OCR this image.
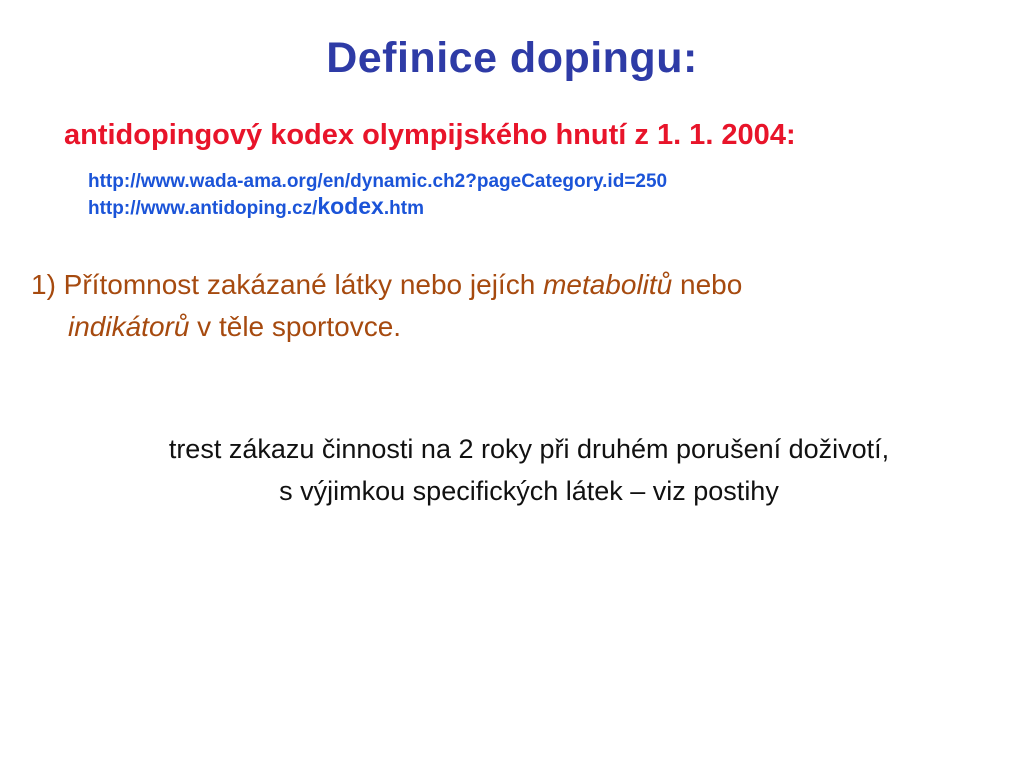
Definice dopingu:
antidopingový kodex olympijského hnutí z 1. 1. 2004:
http://www.wada-ama.org/en/dynamic.ch2?pageCategory.id=250
http://www.antidoping.cz/kodex.htm
1) Přítomnost zakázané látky nebo jejích metabolitů nebo
indikátorů v těle sportovce.
trest zákazu činnosti na 2 roky při druhém porušení doživotí,
s výjimkou specifických látek – viz postihy
